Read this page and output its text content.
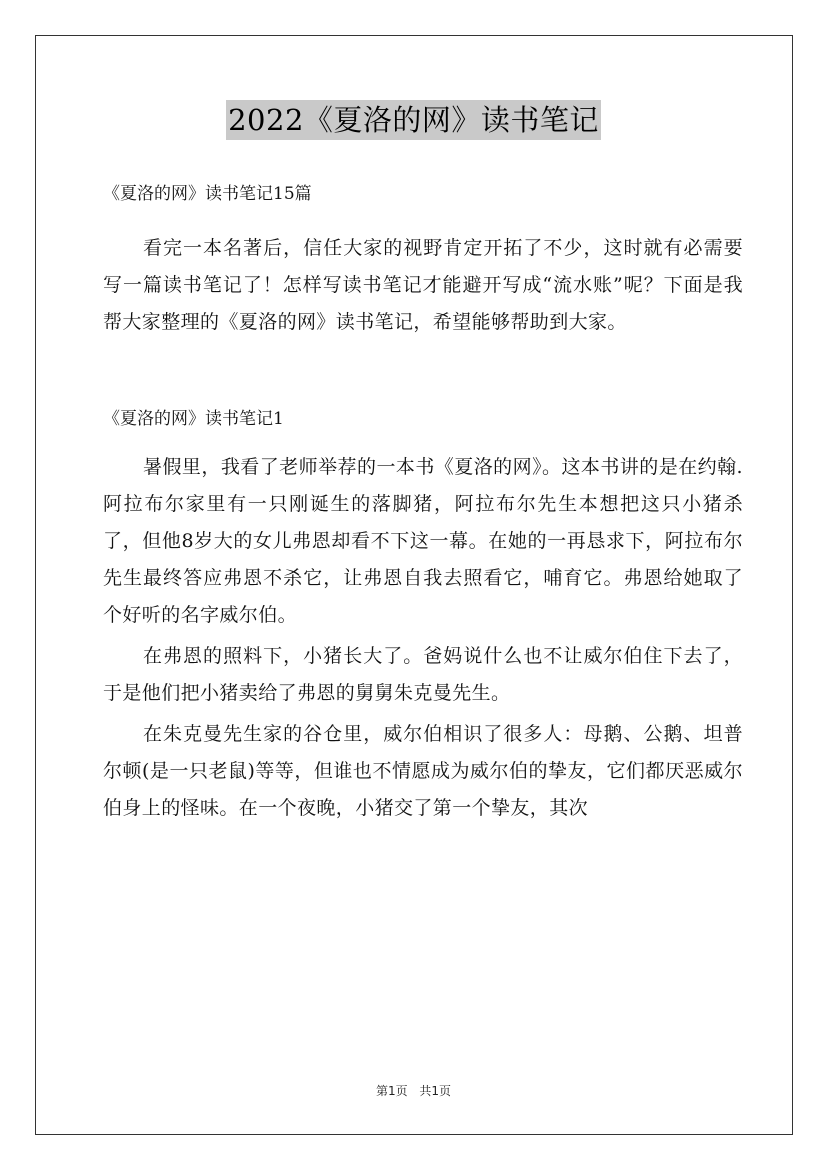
2022《夏洛的网》读书笔记

《夏洛的网》读书笔记15篇

看完一本名著后，信任大家的视野肯定开拓了不少，这时就有必需要写一篇读书笔记了！怎样写读书笔记才能避开写成“流水账”呢？下面是我帮大家整理的《夏洛的网》读书笔记，希望能够帮助到大家。

《夏洛的网》读书笔记1

暑假里，我看了老师举荐的一本书《夏洛的网》。这本书讲的是在约翰.阿拉布尔家里有一只刚诞生的落脚猪，阿拉布尔先生本想把这只小猪杀了，但他8岁大的女儿弗恩却看不下这一幕。在她的一再恳求下，阿拉布尔先生最终答应弗恩不杀它，让弗恩自我去照看它，哺育它。弗恩给她取了个好听的名字威尔伯。

在弗恩的照料下，小猪长大了。爸妈说什么也不让威尔伯住下去了，于是他们把小猪卖给了弗恩的舅舅朱克曼先生。

在朱克曼先生家的谷仓里，威尔伯相识了很多人：母鹅、公鹅、坦普尔顿(是一只老鼠)等等，但谁也不情愿成为威尔伯的挚友，它们都厌恶威尔伯身上的怪味。在一个夜晚，小猪交了第一个挚友，其次

第1页 共1页
